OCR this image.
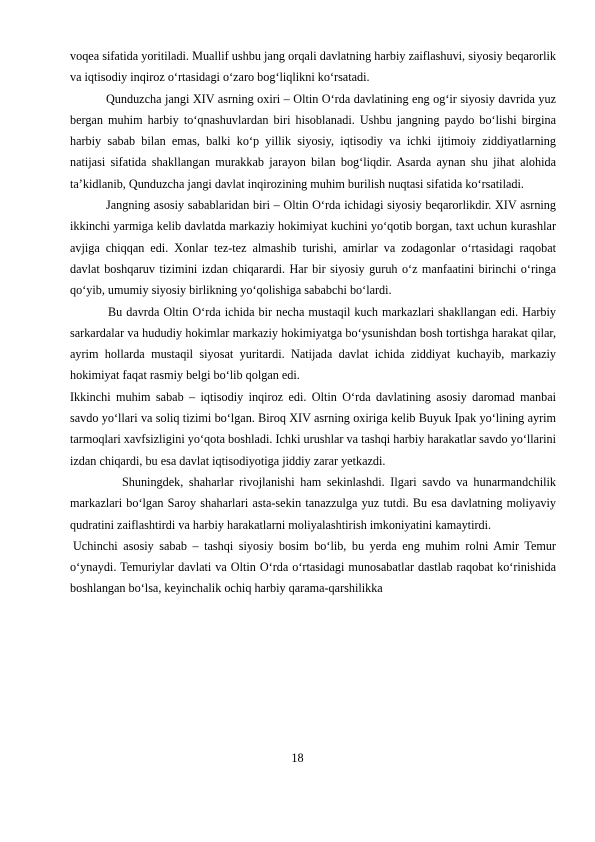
voqea sifatida yoritiladi. Muallif ushbu jang orqali davlatning harbiy zaiflashuvi, siyosiy beqarorlik va iqtisodiy inqiroz o‘rtasidagi o‘zaro bog‘liqlikni ko‘rsatadi.

Qunduzcha jangi XIV asrning oxiri – Oltin O‘rda davlatining eng og‘ir siyosiy davrida yuz bergan muhim harbiy to‘qnashuvlardan biri hisoblanadi. Ushbu jangning paydo bo‘lishi birgina harbiy sabab bilan emas, balki ko‘p yillik siyosiy, iqtisodiy va ichki ijtimoiy ziddiyatlarning natijasi sifatida shakllangan murakkab jarayon bilan bog‘liqdir. Asarda aynan shu jihat alohida ta’kidlanib, Qunduzcha jangi davlat inqirozining muhim burilish nuqtasi sifatida ko‘rsatiladi.

Jangning asosiy sabablaridan biri – Oltin O‘rda ichidagi siyosiy beqarorlikdir. XIV asrning ikkinchi yarmiga kelib davlatda markaziy hokimiyat kuchini yo‘qotib borgan, taxt uchun kurashlar avjiga chiqqan edi. Xonlar tez-tez almashib turishi, amirlar va zodagonlar o‘rtasidagi raqobat davlat boshqaruv tizimini izdan chiqarardi. Har bir siyosiy guruh o‘z manfaatini birinchi o‘ringa qo‘yib, umumiy siyosiy birlikning yo‘qolishiga sababchi bo‘lardi.

Bu davrda Oltin O‘rda ichida bir necha mustaqil kuch markazlari shakllangan edi. Harbiy sarkardalar va hududiy hokimlar markaziy hokimiyatga bo‘ysunishdan bosh tortishga harakat qilar, ayrim hollarda mustaqil siyosat yuritardi. Natijada davlat ichida ziddiyat kuchayib, markaziy hokimiyat faqat rasmiy belgi bo‘lib qolgan edi.

Ikkinchi muhim sabab – iqtisodiy inqiroz edi. Oltin O‘rda davlatining asosiy daromad manbai savdo yo‘llari va soliq tizimi bo‘lgan. Biroq XIV asrning oxiriga kelib Buyuk Ipak yo‘lining ayrim tarmoqlari xavfsizligini yo‘qota boshladi. Ichki urushlar va tashqi harbiy harakatlar savdo yo‘llarini izdan chiqardi, bu esa davlat iqtisodiyotiga jiddiy zarar yetkazdi.

Shuningdek, shaharlar rivojlanishi ham sekinlashdi. Ilgari savdo va hunarmandchilik markazlari bo‘lgan Saroy shaharlari asta-sekin tanazzulga yuz tutdi. Bu esa davlatning moliyaviy qudratini zaiflashtirdi va harbiy harakatlarni moliyalashtirish imkoniyatini kamaytirdi.

Uchinchi asosiy sabab – tashqi siyosiy bosim bo‘lib, bu yerda eng muhim rolni Amir Temur o‘ynaydi. Temuriylar davlati va Oltin O‘rda o‘rtasidagi munosabatlar dastlab raqobat ko‘rinishida boshlangan bo‘lsa, keyinchalik ochiq harbiy qarama-qarshilikka

18
